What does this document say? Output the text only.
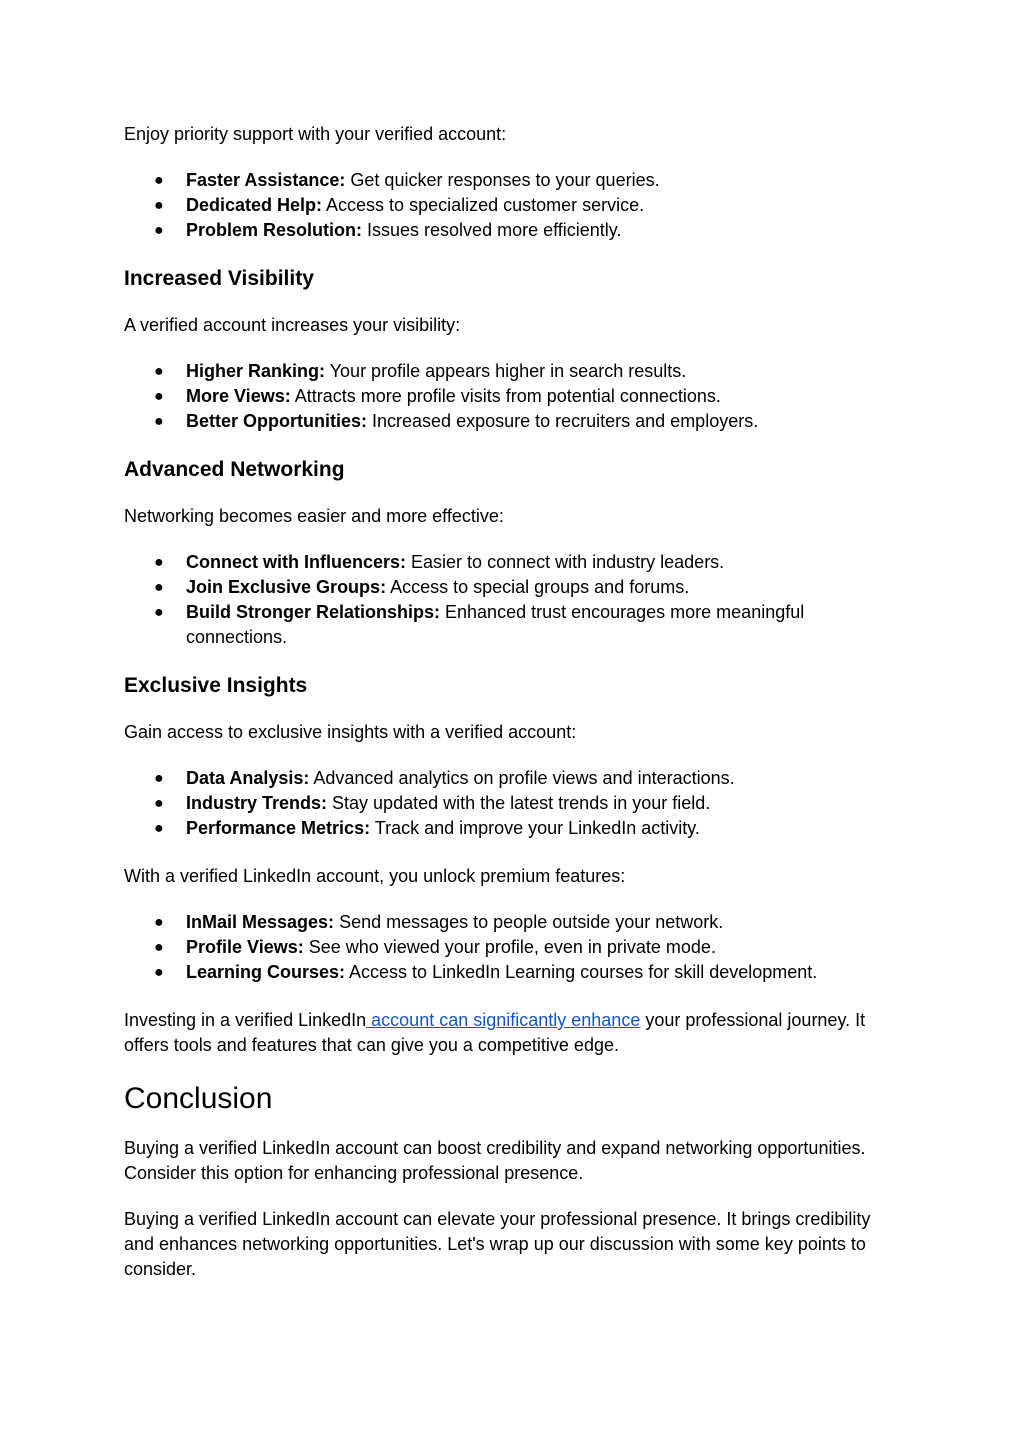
Enjoy priority support with your verified account:

● Faster Assistance: Get quicker responses to your queries.
● Dedicated Help: Access to specialized customer service.
● Problem Resolution: Issues resolved more efficiently.
Increased Visibility

A verified account increases your visibility:

● Higher Ranking: Your profile appears higher in search results.
● More Views: Attracts more profile visits from potential connections.
● Better Opportunities: Increased exposure to recruiters and employers.
Advanced Networking

Networking becomes easier and more effective:

● Connect with Influencers: Easier to connect with industry leaders.
● Join Exclusive Groups: Access to special groups and forums.
● Build Stronger Relationships: Enhanced trust encourages more meaningful connections.
Exclusive Insights

Gain access to exclusive insights with a verified account:

● Data Analysis: Advanced analytics on profile views and interactions.
● Industry Trends: Stay updated with the latest trends in your field.
● Performance Metrics: Track and improve your LinkedIn activity.

With a verified LinkedIn account, you unlock premium features:

● InMail Messages: Send messages to people outside your network.
● Profile Views: See who viewed your profile, even in private mode.
● Learning Courses: Access to LinkedIn Learning courses for skill development.

Investing in a verified LinkedIn account can significantly enhance your professional journey. It offers tools and features that can give you a competitive edge.

Conclusion

Buying a verified LinkedIn account can boost credibility and expand networking opportunities. Consider this option for enhancing professional presence.

Buying a verified LinkedIn account can elevate your professional presence. It brings credibility and enhances networking opportunities. Let's wrap up our discussion with some key points to consider.
